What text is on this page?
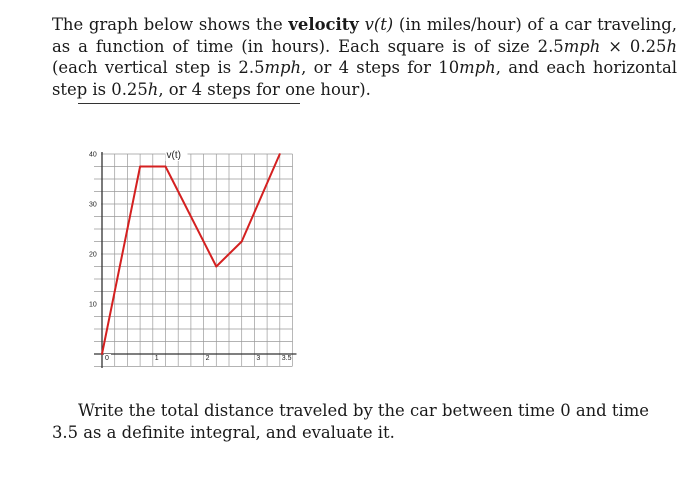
The graph below shows the velocity v(t) (in miles/hour) of a car traveling, as a function of time (in hours). Each square is of size 2.5mph × 0.25h (each vertical step is 2.5mph, or 4 steps for 10mph, and each horizontal step is 0.25h, or 4 steps for one hour).

40
30
20
10
0	1	2	3	3.5
v(t)

Write the total distance traveled by the car between time 0 and time 3.5 as a definite integral, and evaluate it.
